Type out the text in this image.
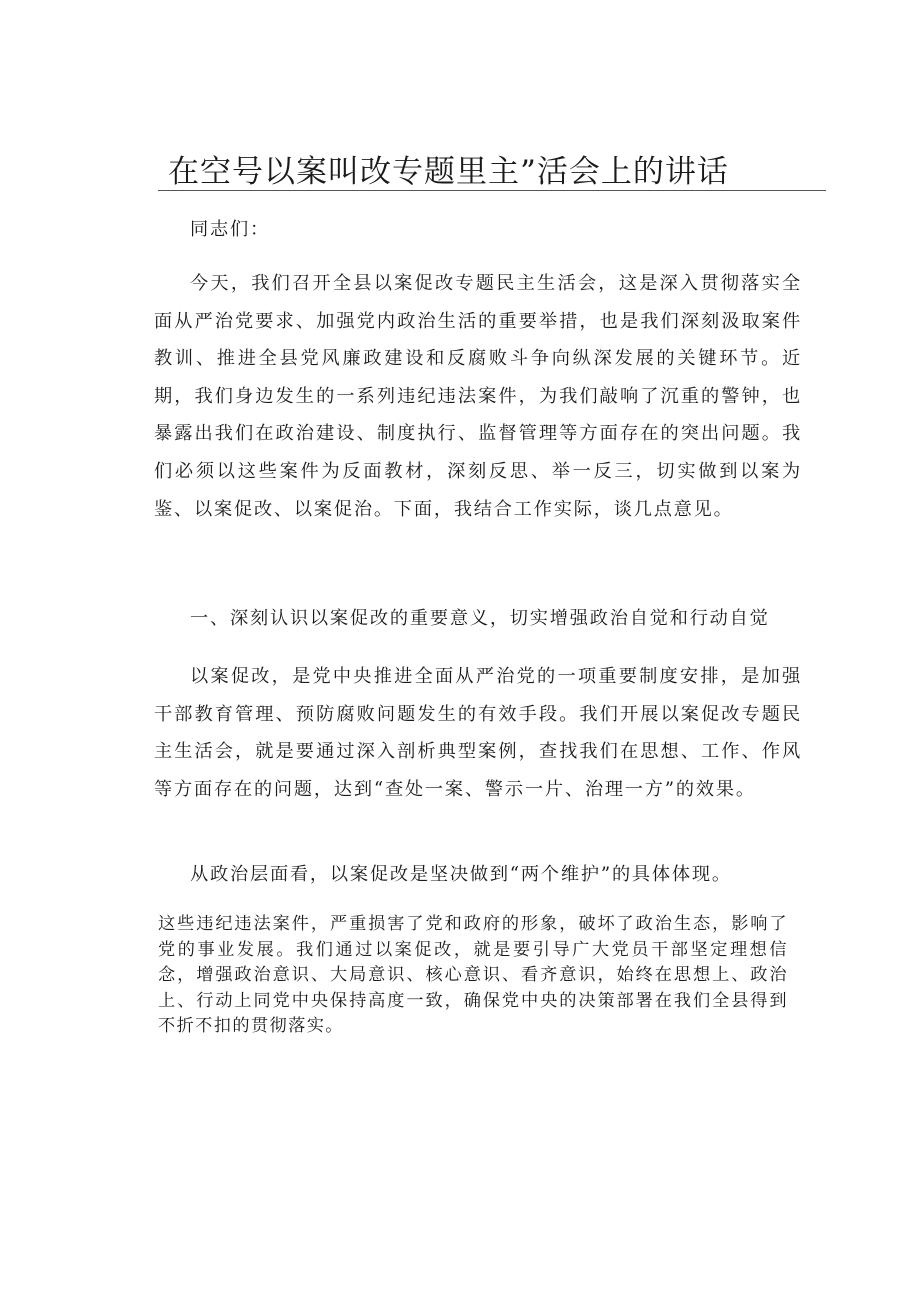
在空号以案叫改专题里主”活会上的讲话

同志们：

今天，我们召开全县以案促改专题民主生活会，这是深入贯彻落实全面从严治党要求、加强党内政治生活的重要举措，也是我们深刻汲取案件教训、推进全县党风廉政建设和反腐败斗争向纵深发展的关键环节。近期，我们身边发生的一系列违纪违法案件，为我们敲响了沉重的警钟，也暴露出我们在政治建设、制度执行、监督管理等方面存在的突出问题。我们必须以这些案件为反面教材，深刻反思、举一反三，切实做到以案为鉴、以案促改、以案促治。下面，我结合工作实际，谈几点意见。

一、深刻认识以案促改的重要意义，切实增强政治自觉和行动自觉

以案促改，是党中央推进全面从严治党的一项重要制度安排，是加强干部教育管理、预防腐败问题发生的有效手段。我们开展以案促改专题民主生活会，就是要通过深入剖析典型案例，查找我们在思想、工作、作风等方面存在的问题，达到“查处一案、警示一片、治理一方”的效果。

从政治层面看，以案促改是坚决做到“两个维护”的具体体现。

这些违纪违法案件，严重损害了党和政府的形象，破坏了政治生态，影响了党的事业发展。我们通过以案促改，就是要引导广大党员干部坚定理想信念，增强政治意识、大局意识、核心意识、看齐意识，始终在思想上、政治上、行动上同党中央保持高度一致，确保党中央的决策部署在我们全县得到不折不扣的贯彻落实。
